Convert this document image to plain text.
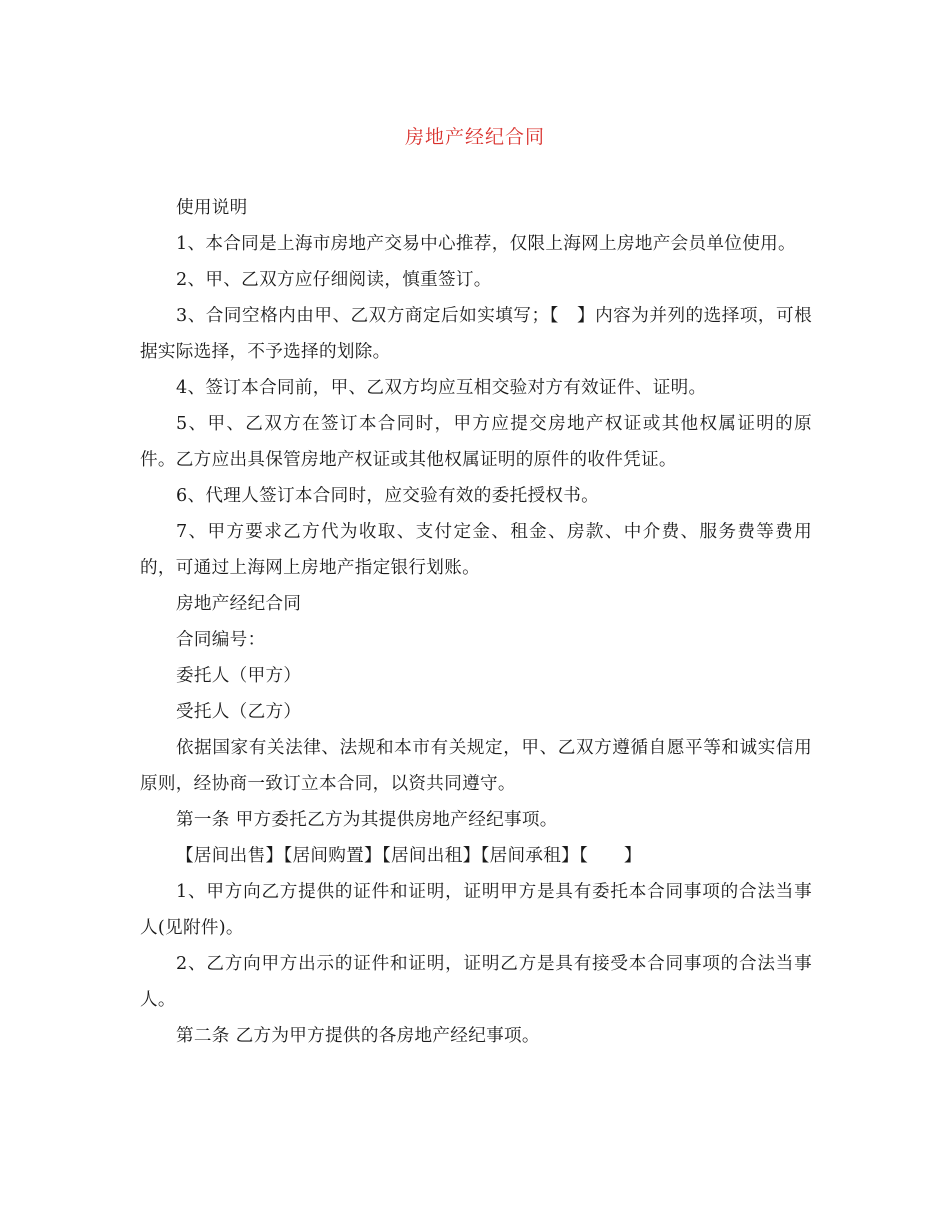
房地产经纪合同

使用说明

1、本合同是上海市房地产交易中心推荐，仅限上海网上房地产会员单位使用。

2、甲、乙双方应仔细阅读，慎重签订。

3、合同空格内由甲、乙双方商定后如实填写；【　】内容为并列的选择项，可根据实际选择，不予选择的划除。

4、签订本合同前，甲、乙双方均应互相交验对方有效证件、证明。

5、甲、乙双方在签订本合同时，甲方应提交房地产权证或其他权属证明的原件。乙方应出具保管房地产权证或其他权属证明的原件的收件凭证。

6、代理人签订本合同时，应交验有效的委托授权书。

7、甲方要求乙方代为收取、支付定金、租金、房款、中介费、服务费等费用的，可通过上海网上房地产指定银行划账。

房地产经纪合同

合同编号：

委托人（甲方）

受托人（乙方）

依据国家有关法律、法规和本市有关规定，甲、乙双方遵循自愿平等和诚实信用原则，经协商一致订立本合同，以资共同遵守。

第一条 甲方委托乙方为其提供房地产经纪事项。

【居间出售】【居间购置】【居间出租】【居间承租】【　　】

1、甲方向乙方提供的证件和证明，证明甲方是具有委托本合同事项的合法当事人(见附件)。

2、乙方向甲方出示的证件和证明，证明乙方是具有接受本合同事项的合法当事人。

第二条 乙方为甲方提供的各房地产经纪事项。
